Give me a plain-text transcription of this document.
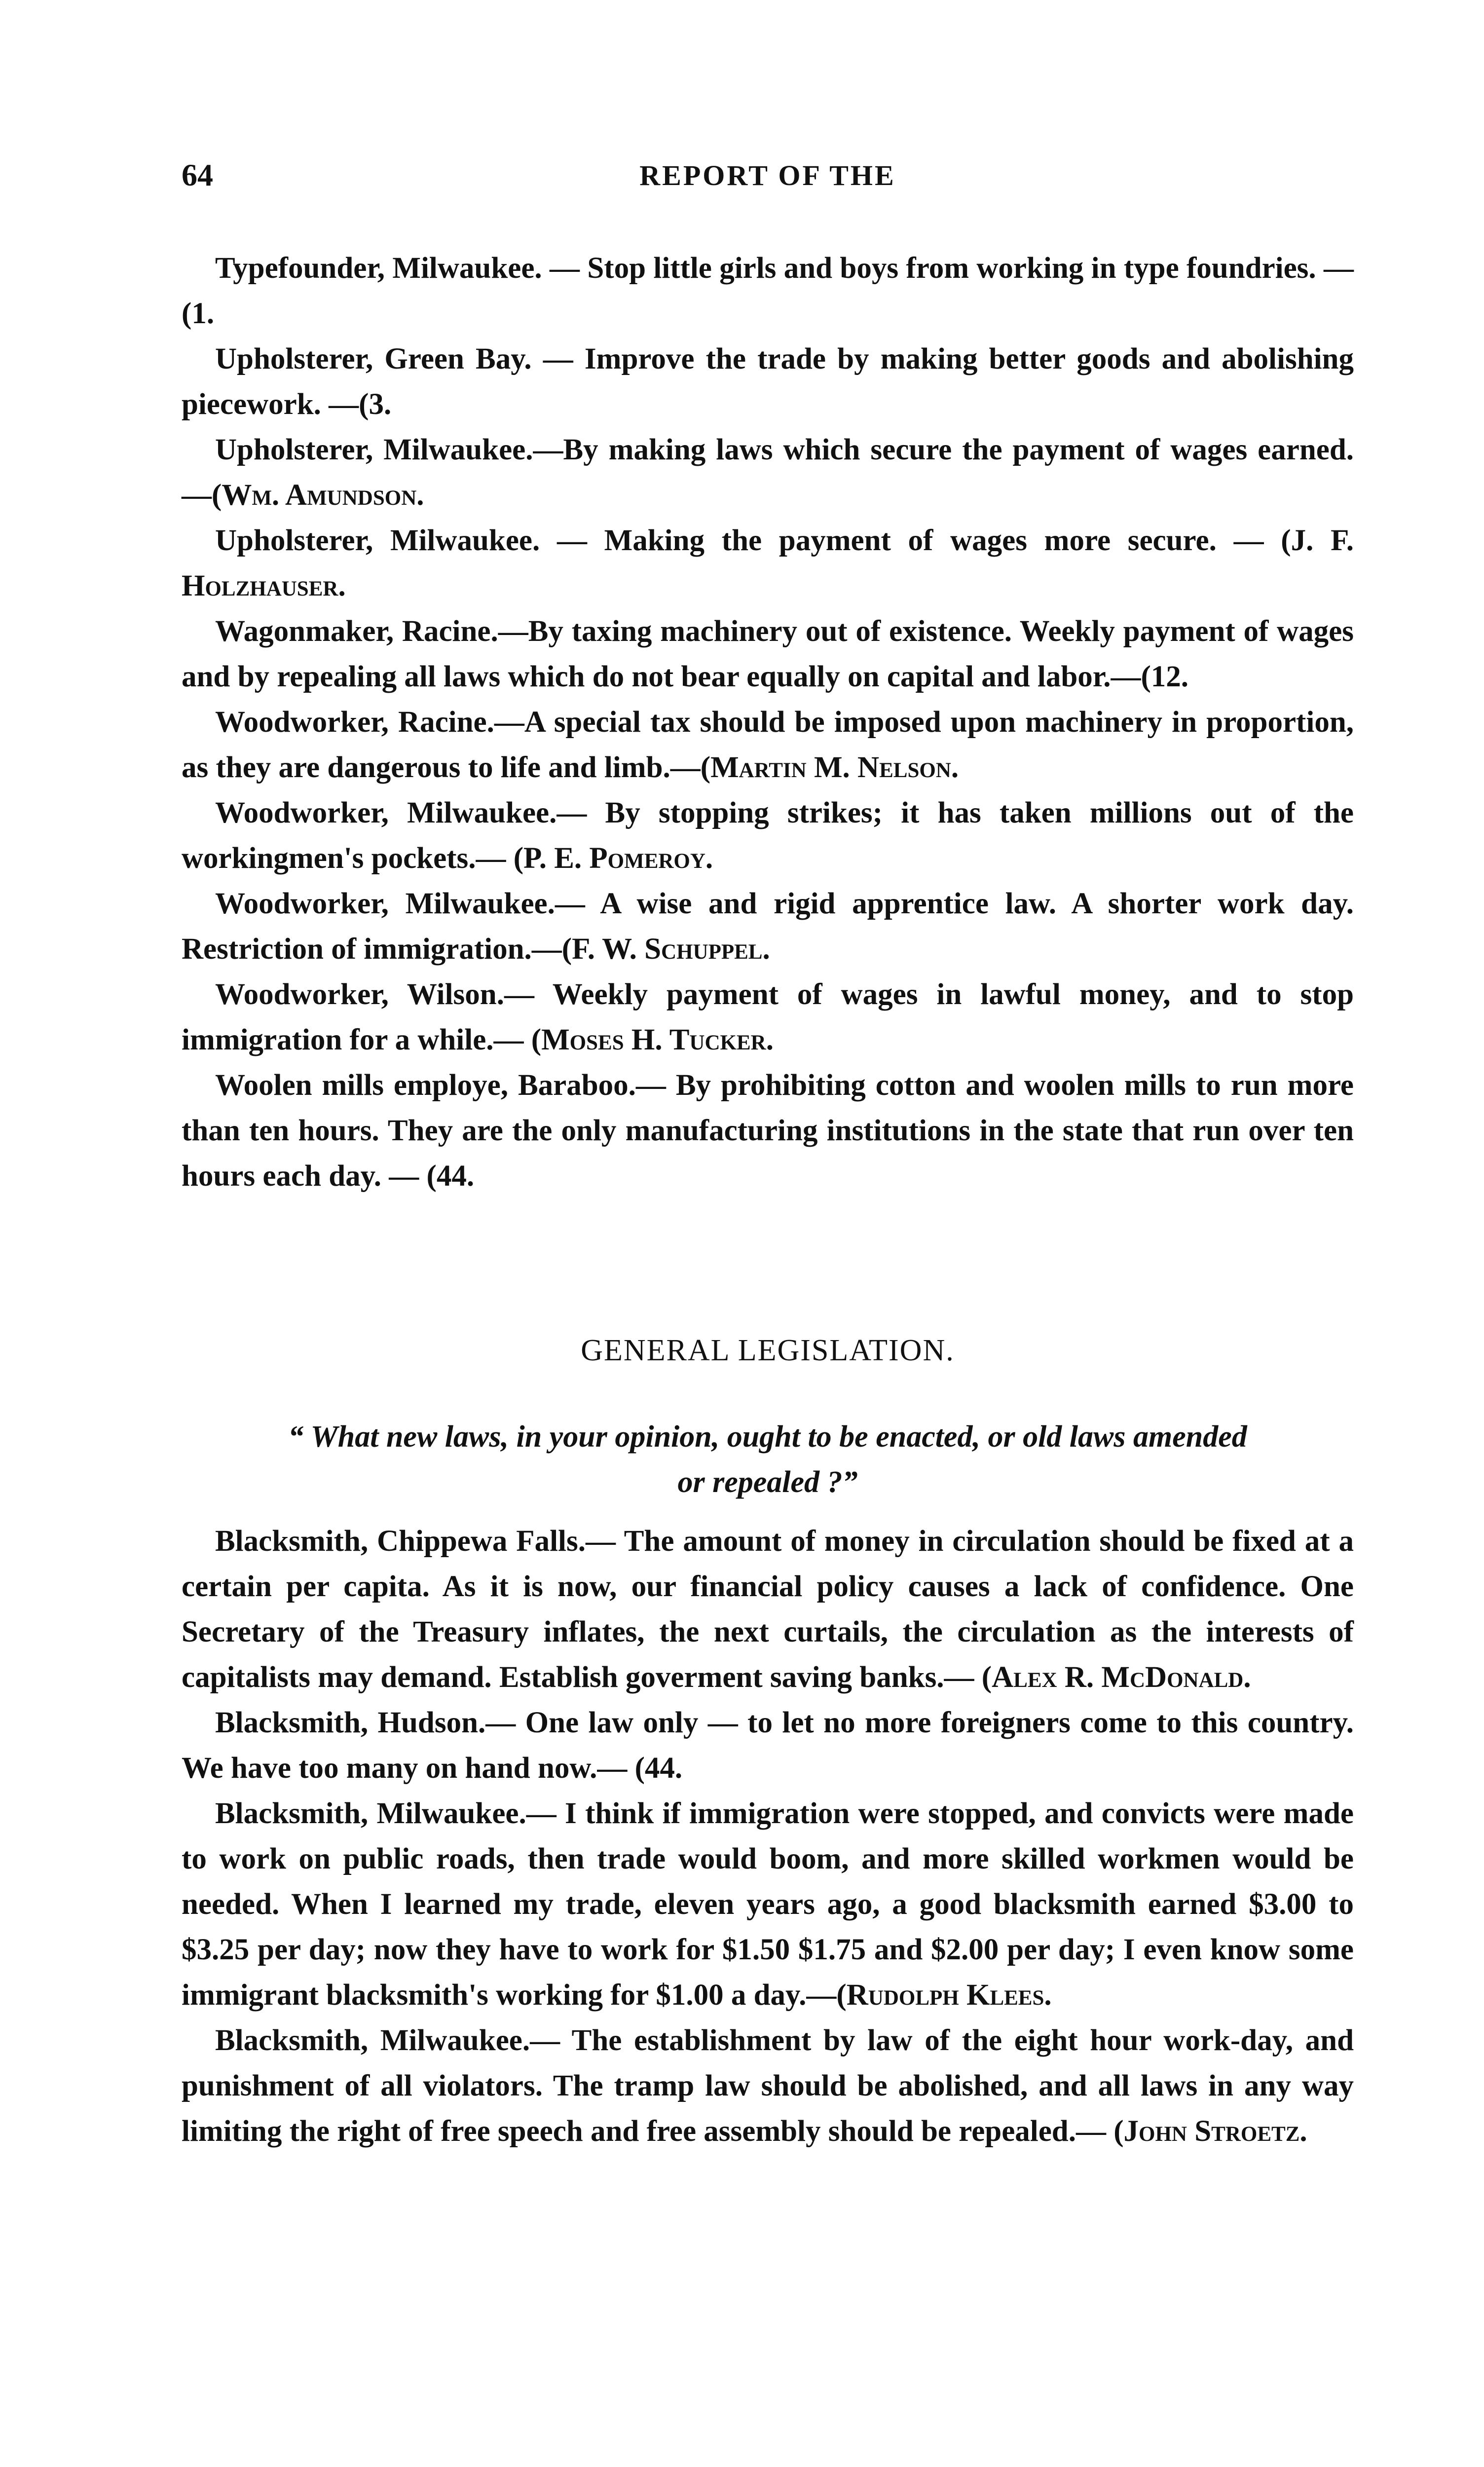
64	REPORT OF THE

Typefounder, Milwaukee. — Stop little girls and boys from working in type foundries. —(1.

Upholsterer, Green Bay. — Improve the trade by making better goods and abolishing piecework. —(3.

Upholsterer, Milwaukee.—By making laws which secure the payment of wages earned.—(Wm. Amundson.

Upholsterer, Milwaukee. — Making the payment of wages more secure. — (J. F. Holzhauser.

Wagonmaker, Racine.—By taxing machinery out of existence. Weekly payment of wages and by repealing all laws which do not bear equally on capital and labor.—(12.

Woodworker, Racine.—A special tax should be imposed upon machinery in proportion, as they are dangerous to life and limb.—(Martin M. Nelson.

Woodworker, Milwaukee.— By stopping strikes; it has taken millions out of the workingmen's pockets.— (P. E. Pomeroy.

Woodworker, Milwaukee.— A wise and rigid apprentice law. A shorter work day. Restriction of immigration.—(F. W. Schuppel.

Woodworker, Wilson.— Weekly payment of wages in lawful money, and to stop immigration for a while.— (Moses H. Tucker.

Woolen mills employe, Baraboo.— By prohibiting cotton and woolen mills to run more than ten hours. They are the only manufacturing institutions in the state that run over ten hours each day. — (44.

GENERAL LEGISLATION.
“ What new laws, in your opinion, ought to be enacted, or old laws amended
or repealed ?”

Blacksmith, Chippewa Falls.— The amount of money in circulation should be fixed at a certain per capita. As it is now, our financial policy causes a lack of confidence. One Secretary of the Treasury inflates, the next curtails, the circulation as the interests of capitalists may demand. Establish goverment saving banks.— (Alex R. McDonald.

Blacksmith, Hudson.— One law only — to let no more foreigners come to this country. We have too many on hand now.— (44.

Blacksmith, Milwaukee.— I think if immigration were stopped, and convicts were made to work on public roads, then trade would boom, and more skilled workmen would be needed. When I learned my trade, eleven years ago, a good blacksmith earned $3.00 to $3.25 per day; now they have to work for $1.50 $1.75 and $2.00 per day; I even know some immigrant blacksmith's working for $1.00 a day.—(Rudolph Klees.

Blacksmith, Milwaukee.— The establishment by law of the eight hour work-day, and punishment of all violators. The tramp law should be abolished, and all laws in any way limiting the right of free speech and free assembly should be repealed.— (John Stroetz.
